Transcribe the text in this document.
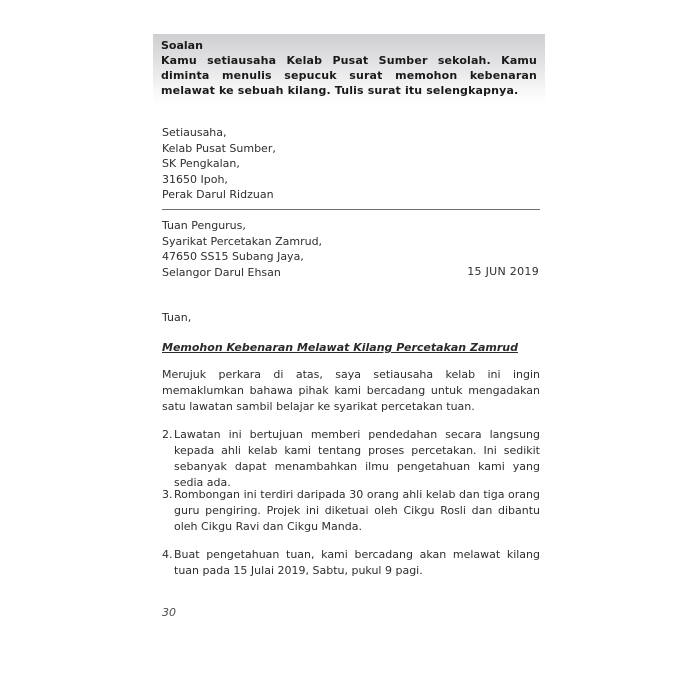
Soalan
Kamu setiausaha Kelab Pusat Sumber sekolah. Kamu diminta menulis sepucuk surat memohon kebenaran melawat ke sebuah kilang. Tulis surat itu selengkapnya.
Setiausaha,
Kelab Pusat Sumber,
SK Pengkalan,
31650 Ipoh,
Perak Darul Ridzuan
Tuan Pengurus,
Syarikat Percetakan Zamrud,
47650 SS15 Subang Jaya,
Selangor Darul Ehsan	15 JUN 2019
Tuan,
Memohon Kebenaran Melawat Kilang Percetakan Zamrud
Merujuk perkara di atas, saya setiausaha kelab ini ingin memaklumkan bahawa pihak kami bercadang untuk mengadakan satu lawatan sambil belajar ke syarikat percetakan tuan.
2. Lawatan ini bertujuan memberi pendedahan secara langsung kepada ahli kelab kami tentang proses percetakan. Ini sedikit sebanyak dapat menambahkan ilmu pengetahuan kami yang sedia ada.
3. Rombongan ini terdiri daripada 30 orang ahli kelab dan tiga orang guru pengiring. Projek ini diketuai oleh Cikgu Rosli dan dibantu oleh Cikgu Ravi dan Cikgu Manda.
4. Buat pengetahuan tuan, kami bercadang akan melawat kilang tuan pada 15 Julai 2019, Sabtu, pukul 9 pagi.
30
